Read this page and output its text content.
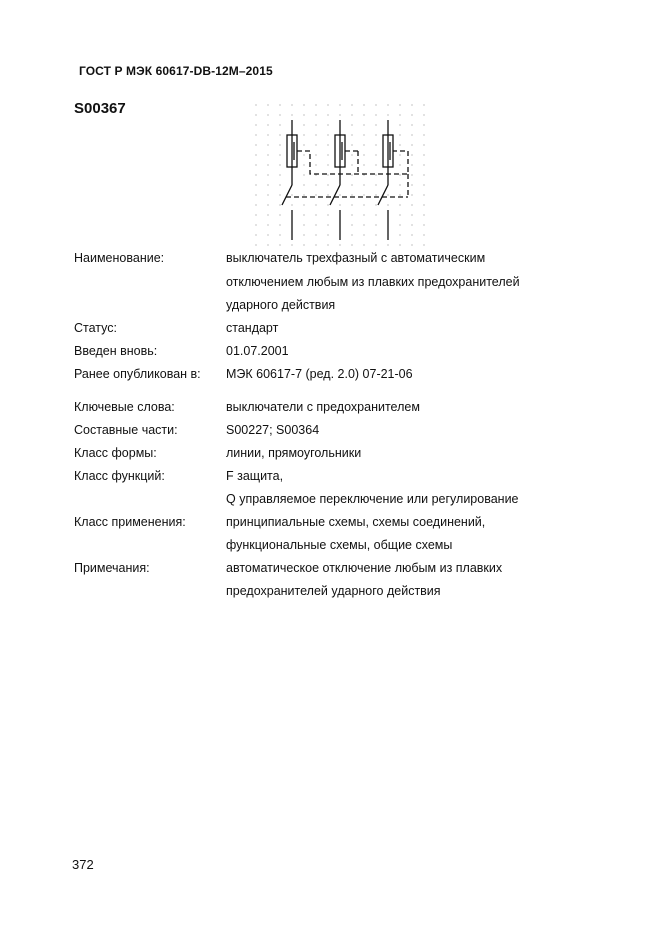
ГОСТ Р МЭК 60617-DB-12M–2015
S00367
Наименование:	выключатель трехфазный с автоматическим
отключением любым из плавких предохранителей
ударного действия
Статус:	стандарт
Введен вновь:	01.07.2001
Ранее опубликован в: МЭК 60617-7 (ред. 2.0) 07-21-06
Ключевые слова:	выключатели с предохранителем
Составные части:	S00227; S00364
Класс формы:	линии, прямоугольники
Класс функций:	F защита,
Q управляемое переключение или регулирование
Класс применения:	принципиальные схемы, схемы соединений,
функциональные схемы, общие схемы
Примечания:	автоматическое отключение любым из плавких
предохранителей ударного действия
372
